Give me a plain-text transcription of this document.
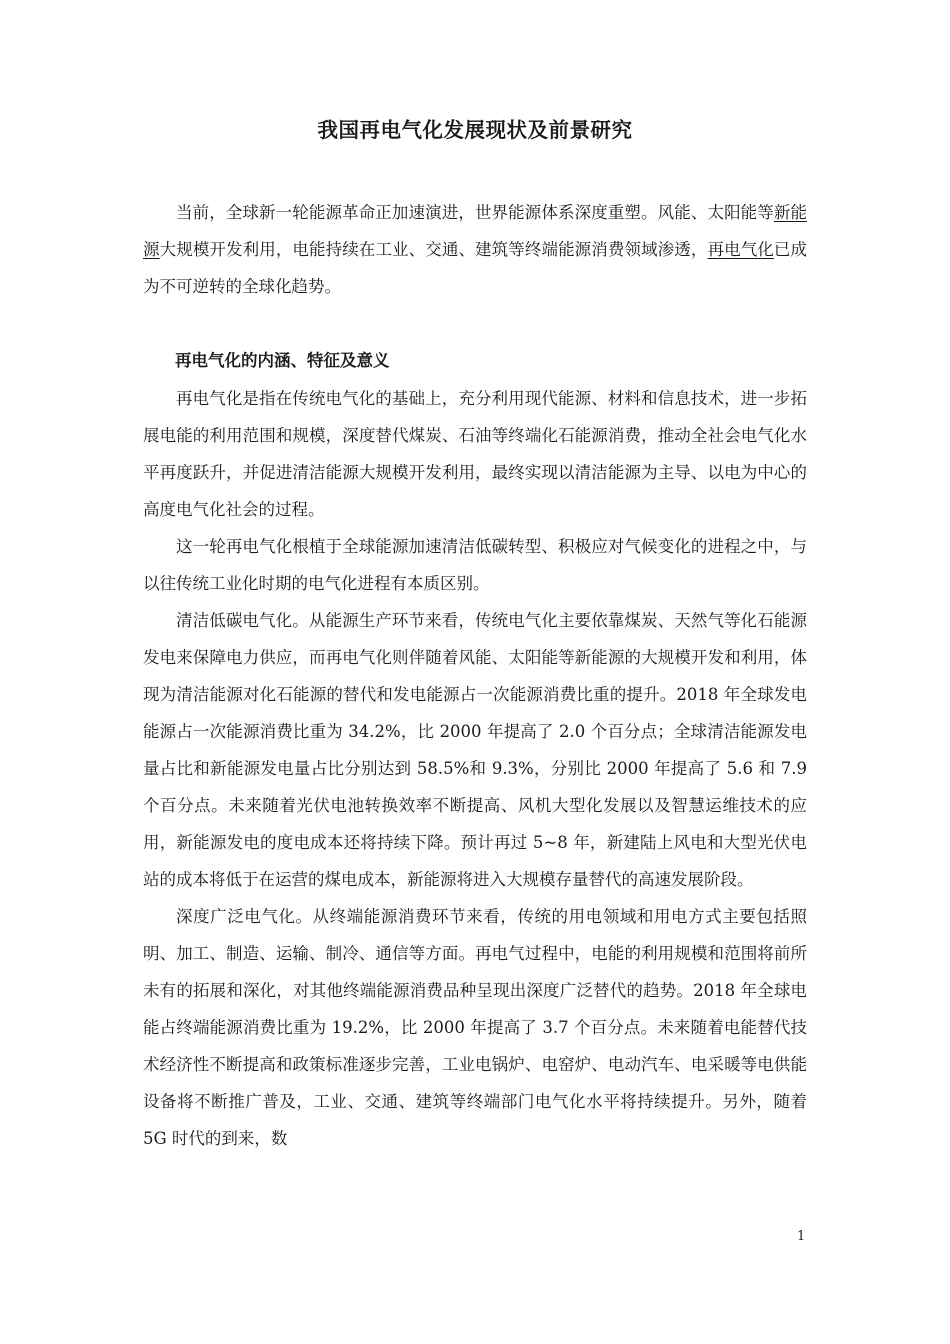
我国再电气化发展现状及前景研究

当前，全球新一轮能源革命正加速演进，世界能源体系深度重塑。风能、太阳能等新能源大规模开发利用，电能持续在工业、交通、建筑等终端能源消费领域渗透，再电气化已成为不可逆转的全球化趋势。

再电气化的内涵、特征及意义

再电气化是指在传统电气化的基础上，充分利用现代能源、材料和信息技术，进一步拓展电能的利用范围和规模，深度替代煤炭、石油等终端化石能源消费，推动全社会电气化水平再度跃升，并促进清洁能源大规模开发利用，最终实现以清洁能源为主导、以电为中心的高度电气化社会的过程。

这一轮再电气化根植于全球能源加速清洁低碳转型、积极应对气候变化的进程之中，与以往传统工业化时期的电气化进程有本质区别。

清洁低碳电气化。从能源生产环节来看，传统电气化主要依靠煤炭、天然气等化石能源发电来保障电力供应，而再电气化则伴随着风能、太阳能等新能源的大规模开发和利用，体现为清洁能源对化石能源的替代和发电能源占一次能源消费比重的提升。2018 年全球发电能源占一次能源消费比重为 34.2%，比 2000 年提高了 2.0 个百分点；全球清洁能源发电量占比和新能源发电量占比分别达到 58.5%和 9.3%，分别比 2000 年提高了 5.6 和 7.9 个百分点。未来随着光伏电池转换效率不断提高、风机大型化发展以及智慧运维技术的应用，新能源发电的度电成本还将持续下降。预计再过 5~8 年，新建陆上风电和大型光伏电站的成本将低于在运营的煤电成本，新能源将进入大规模存量替代的高速发展阶段。

深度广泛电气化。从终端能源消费环节来看，传统的用电领域和用电方式主要包括照明、加工、制造、运输、制冷、通信等方面。再电气过程中，电能的利用规模和范围将前所未有的拓展和深化，对其他终端能源消费品种呈现出深度广泛替代的趋势。2018 年全球电能占终端能源消费比重为 19.2%，比 2000 年提高了 3.7 个百分点。未来随着电能替代技术经济性不断提高和政策标准逐步完善，工业电锅炉、电窑炉、电动汽车、电采暖等电供能设备将不断推广普及，工业、交通、建筑等终端部门电气化水平将持续提升。另外，随着 5G 时代的到来，数

1
